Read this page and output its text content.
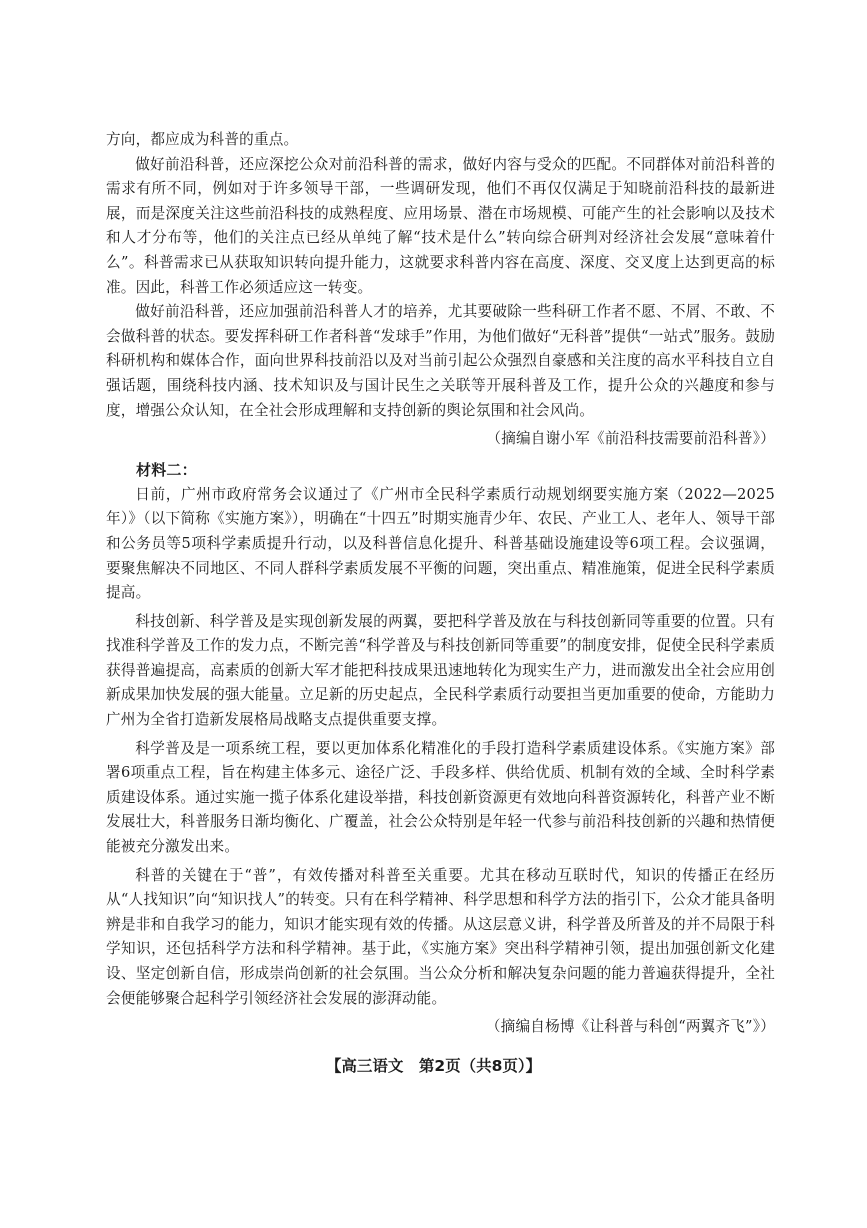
方向，都应成为科普的重点。

做好前沿科普，还应深挖公众对前沿科普的需求，做好内容与受众的匹配。不同群体对前沿科普的需求有所不同，例如对于许多领导干部，一些调研发现，他们不再仅仅满足于知晓前沿科技的最新进展，而是深度关注这些前沿科技的成熟程度、应用场景、潜在市场规模、可能产生的社会影响以及技术和人才分布等，他们的关注点已经从单纯了解“技术是什么”转向综合研判对经济社会发展“意味着什么”。科普需求已从获取知识转向提升能力，这就要求科普内容在高度、深度、交叉度上达到更高的标准。因此，科普工作必须适应这一转变。

做好前沿科普，还应加强前沿科普人才的培养，尤其要破除一些科研工作者不愿、不屑、不敢、不会做科普的状态。要发挥科研工作者科普“发球手”作用，为他们做好“无科普”提供“一站式”服务。鼓励科研机构和媒体合作，面向世界科技前沿以及对当前引起公众强烈自豪感和关注度的高水平科技自立自强话题，围绕科技内涵、技术知识及与国计民生之关联等开展科普及工作，提升公众的兴趣度和参与度，增强公众认知，在全社会形成理解和支持创新的舆论氛围和社会风尚。

（摘编自谢小军《前沿科技需要前沿科普》）

材料二：

日前，广州市政府常务会议通过了《广州市全民科学素质行动规划纲要实施方案（2022—2025年）》（以下简称《实施方案》），明确在“十四五”时期实施青少年、农民、产业工人、老年人、领导干部和公务员等5项科学素质提升行动，以及科普信息化提升、科普基础设施建设等6项工程。会议强调，要聚焦解决不同地区、不同人群科学素质发展不平衡的问题，突出重点、精准施策，促进全民科学素质提高。

科技创新、科学普及是实现创新发展的两翼，要把科学普及放在与科技创新同等重要的位置。只有找准科学普及工作的发力点，不断完善“科学普及与科技创新同等重要”的制度安排，促使全民科学素质获得普遍提高，高素质的创新大军才能把科技成果迅速地转化为现实生产力，进而激发出全社会应用创新成果加快发展的强大能量。立足新的历史起点，全民科学素质行动要担当更加重要的使命，方能助力广州为全省打造新发展格局战略支点提供重要支撑。

科学普及是一项系统工程，要以更加体系化精准化的手段打造科学素质建设体系。《实施方案》部署6项重点工程，旨在构建主体多元、途径广泛、手段多样、供给优质、机制有效的全域、全时科学素质建设体系。通过实施一揽子体系化建设举措，科技创新资源更有效地向科普资源转化，科普产业不断发展壮大，科普服务日渐均衡化、广覆盖，社会公众特别是年轻一代参与前沿科技创新的兴趣和热情便能被充分激发出来。

科普的关键在于“普”，有效传播对科普至关重要。尤其在移动互联时代，知识的传播正在经历从“人找知识”向“知识找人”的转变。只有在科学精神、科学思想和科学方法的指引下，公众才能具备明辨是非和自我学习的能力，知识才能实现有效的传播。从这层意义讲，科学普及所普及的并不局限于科学知识，还包括科学方法和科学精神。基于此，《实施方案》突出科学精神引领，提出加强创新文化建设、坚定创新自信，形成崇尚创新的社会氛围。当公众分析和解决复杂问题的能力普遍获得提升，全社会便能够聚合起科学引领经济社会发展的澎湃动能。

（摘编自杨博《让科普与科创“两翼齐飞”》）

【高三语文　第2页（共8页）】
